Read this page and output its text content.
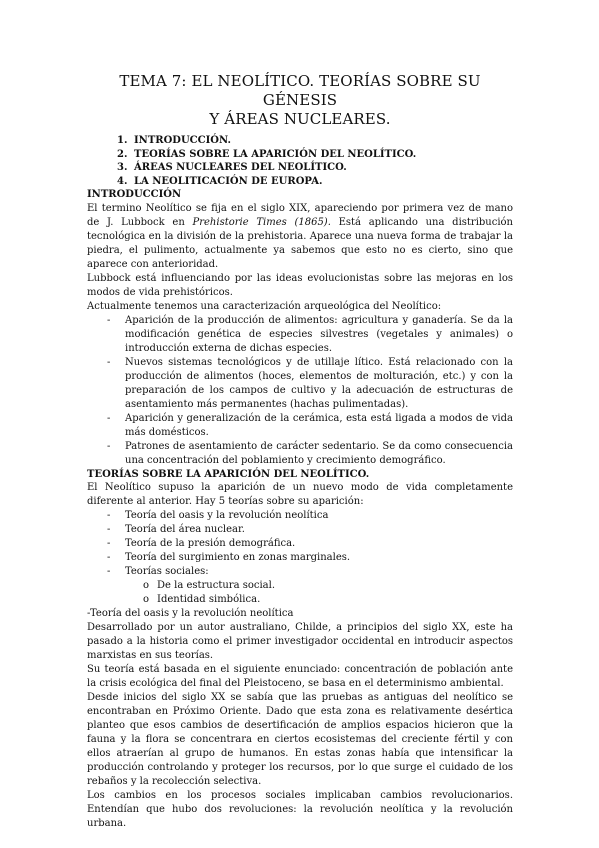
TEMA 7: EL NEOLÍTICO. TEORÍAS SOBRE SU GÉNESIS
Y ÁREAS NUCLEARES.
1. INTRODUCCIÓN.
2. TEORÍAS SOBRE LA APARICIÓN DEL NEOLÍTICO.
3. ÁREAS NUCLEARES DEL NEOLÍTICO.
4. LA NEOLITICACIÓN DE EUROPA.
INTRODUCCIÓN

El termino Neolítico se fija en el siglo XIX, apareciendo por primera vez de mano de J. Lubbock en Prehistorie Times (1865). Está aplicando una distribución tecnológica en la división de la prehistoria. Aparece una nueva forma de trabajar la piedra, el pulimento, actualmente ya sabemos que esto no es cierto, sino que aparece con anterioridad.

Lubbock está influenciando por las ideas evolucionistas sobre las mejoras en los modos de vida prehistóricos.

Actualmente tenemos una caracterización arqueológica del Neolítico:

-	Aparición de la producción de alimentos: agricultura y ganadería. Se da la modificación genética de especies silvestres (vegetales y animales) o introducción externa de dichas especies.
-	Nuevos sistemas tecnológicos y de utillaje lítico. Está relacionado con la producción de alimentos (hoces, elementos de molturación, etc.) y con la preparación de los campos de cultivo y la adecuación de estructuras de asentamiento más permanentes (hachas pulimentadas).
-	Aparición y generalización de la cerámica, esta está ligada a modos de vida más domésticos.
-	Patrones de asentamiento de carácter sedentario. Se da como consecuencia una concentración del poblamiento y crecimiento demográfico.
TEORÍAS SOBRE LA APARICIÓN DEL NEOLÍTICO.

El Neolítico supuso la aparición de un nuevo modo de vida completamente diferente al anterior. Hay 5 teorías sobre su aparición:

-	Teoría del oasis y la revolución neolítica
-	Teoría del área nuclear.
-	Teoría de la presión demográfica.
-	Teoría del surgimiento en zonas marginales.
-	Teorías sociales:
o De la estructura social.
o Identidad simbólica.

-Teoría del oasis y la revolución neolítica

Desarrollado por un autor australiano, Childe, a principios del siglo XX, este ha pasado a la historia como el primer investigador occidental en introducir aspectos marxistas en sus teorías.

Su teoría está basada en el siguiente enunciado: concentración de población ante la crisis ecológica del final del Pleistoceno, se basa en el determinismo ambiental.

Desde inicios del siglo XX se sabía que las pruebas as antiguas del neolítico se encontraban en Próximo Oriente. Dado que esta zona es relativamente desértica planteo que esos cambios de desertificación de amplios espacios hicieron que la fauna y la flora se concentrara en ciertos ecosistemas del creciente fértil y con ellos atraerían al grupo de humanos. En estas zonas había que intensificar la producción controlando y proteger los recursos, por lo que surge el cuidado de los rebaños y la recolección selectiva.

Los cambios en los procesos sociales implicaban cambios revolucionarios. Entendían que hubo dos revoluciones: la revolución neolítica y la revolución urbana.
